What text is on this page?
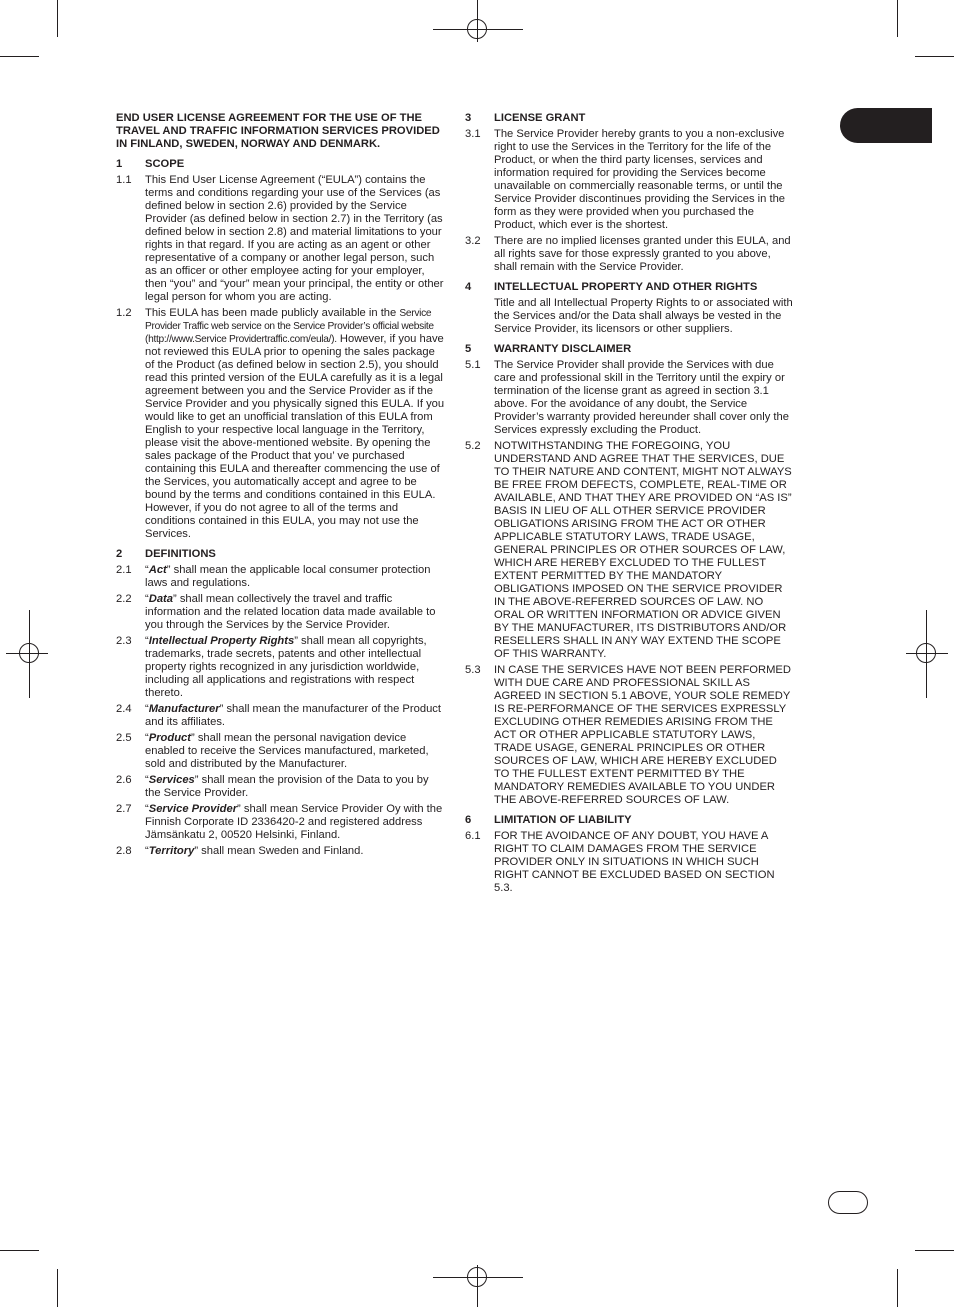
END USER LICENSE AGREEMENT FOR THE USE OF THE TRAVEL AND TRAFFIC INFORMATION SERVICES PROVIDED IN FINLAND, SWEDEN, NORWAY AND DENMARK.
1	SCOPE
1.1	This End User License Agreement (“EULA”) contains the terms and conditions regarding your use of the Services (as defined below in section 2.6) provided by the Service Provider (as defined below in section 2.7) in the Territory (as defined below in section 2.8) and material limitations to your rights in that regard. If you are acting as an agent or other representative of a company or another legal person, such as an officer or other employee acting for your employer, then “you” and “your” mean your principal, the entity or other legal person for whom you are acting.
1.2	This EULA has been made publicly available in the Service Provider Traffic web service on the Service Provider’s official website (http://www.Service Providertraffic.com/eula/). However, if you have not reviewed this EULA prior to opening the sales package of the Product (as defined below in section 2.5), you should read this printed version of the EULA carefully as it is a legal agreement between you and the Service Provider as if the Service Provider and you physically signed this EULA. If you would like to get an unofficial translation of this EULA from English to your respective local language in the Territory, please visit the above-mentioned website. By opening the sales package of the Product that you’ ve purchased containing this EULA and thereafter commencing the use of the Services, you automatically accept and agree to be bound by the terms and conditions contained in this EULA. However, if you do not agree to all of the terms and conditions contained in this EULA, you may not use the Services.
2	DEFINITIONS
2.1	“Act” shall mean the applicable local consumer protection laws and regulations.
2.2	“Data” shall mean collectively the travel and traffic information and the related location data made available to you through the Services by the Service Provider.
2.3	“Intellectual Property Rights” shall mean all copyrights, trademarks, trade secrets, patents and other intellectual property rights recognized in any jurisdiction worldwide, including all applications and registrations with respect thereto.
2.4	“Manufacturer” shall mean the manufacturer of the Product and its affiliates.
2.5	“Product” shall mean the personal navigation device enabled to receive the Services manufactured, marketed, sold and distributed by the Manufacturer.
2.6	“Services” shall mean the provision of the Data to you by the Service Provider.
2.7	“Service Provider” shall mean Service Provider Oy with the Finnish Corporate ID 2336420-2 and registered address Jämsänkatu 2, 00520 Helsinki, Finland.
2.8	“Territory” shall mean Sweden and Finland.
3	LICENSE GRANT
3.1	The Service Provider hereby grants to you a non-exclusive right to use the Services in the Territory for the life of the Product, or when the third party licenses, services and information required for providing the Services become unavailable on commercially reasonable terms, or until the Service Provider discontinues providing the Services in the form as they were provided when you purchased the Product, which ever is the shortest.
3.2	There are no implied licenses granted under this EULA, and all rights save for those expressly granted to you above, shall remain with the Service Provider.
4	INTELLECTUAL PROPERTY AND OTHER RIGHTS
Title and all Intellectual Property Rights to or associated with the Services and/or the Data shall always be vested in the Service Provider, its licensors or other suppliers.
5	WARRANTY DISCLAIMER
5.1	The Service Provider shall provide the Services with due care and professional skill in the Territory until the expiry or termination of the license grant as agreed in section 3.1 above. For the avoidance of any doubt, the Service Provider’s warranty provided hereunder shall cover only the Services expressly excluding the Product.
5.2	NOTWITHSTANDING THE FOREGOING, YOU UNDERSTAND AND AGREE THAT THE SERVICES, DUE TO THEIR NATURE AND CONTENT, MIGHT NOT ALWAYS BE FREE FROM DEFECTS, COMPLETE, REAL-TIME OR AVAILABLE, AND THAT THEY ARE PROVIDED ON “AS IS” BASIS IN LIEU OF ALL OTHER SERVICE PROVIDER OBLIGATIONS ARISING FROM THE ACT OR OTHER APPLICABLE STATUTORY LAWS, TRADE USAGE, GENERAL PRINCIPLES OR OTHER SOURCES OF LAW, WHICH ARE HEREBY EXCLUDED TO THE FULLEST EXTENT PERMITTED BY THE MANDATORY OBLIGATIONS IMPOSED ON THE SERVICE PROVIDER IN THE ABOVE-REFERRED SOURCES OF LAW. NO ORAL OR WRITTEN INFORMATION OR ADVICE GIVEN BY THE MANUFACTURER, ITS DISTRIBUTORS AND/OR RESELLERS SHALL IN ANY WAY EXTEND THE SCOPE OF THIS WARRANTY.
5.3	IN CASE THE SERVICES HAVE NOT BEEN PERFORMED WITH DUE CARE AND PROFESSIONAL SKILL AS AGREED IN SECTION 5.1 ABOVE, YOUR SOLE REMEDY IS RE-PERFORMANCE OF THE SERVICES EXPRESSLY EXCLUDING OTHER REMEDIES ARISING FROM THE ACT OR OTHER APPLICABLE STATUTORY LAWS, TRADE USAGE, GENERAL PRINCIPLES OR OTHER SOURCES OF LAW, WHICH ARE HEREBY EXCLUDED TO THE FULLEST EXTENT PERMITTED BY THE MANDATORY REMEDIES AVAILABLE TO YOU UNDER THE ABOVE-REFERRED SOURCES OF LAW.
6	LIMITATION OF LIABILITY
6.1	FOR THE AVOIDANCE OF ANY DOUBT, YOU HAVE A RIGHT TO CLAIM DAMAGES FROM THE SERVICE PROVIDER ONLY IN SITUATIONS IN WHICH SUCH RIGHT CANNOT BE EXCLUDED BASED ON SECTION 5.3.
